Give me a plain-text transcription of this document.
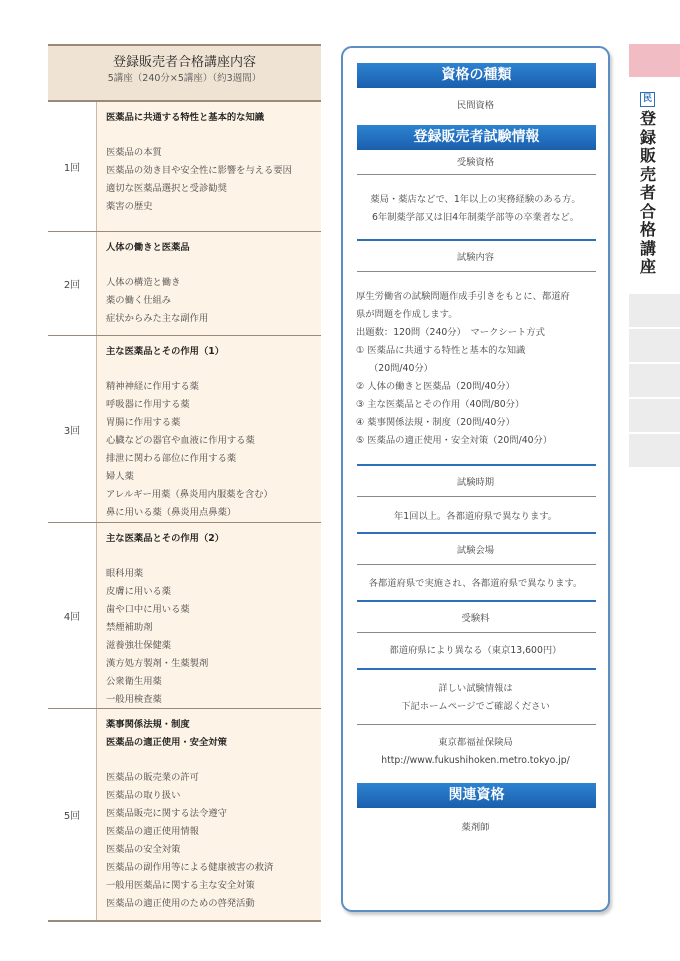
登録販売者合格講座内容
5講座（240分×5講座）（約3週間）
1回
医薬品に共通する特性と基本的な知識
医薬品の本質
医薬品の効き目や安全性に影響を与える要因
適切な医薬品選択と受診勧奨
薬害の歴史
2回
人体の働きと医薬品
人体の構造と働き
薬の働く仕組み
症状からみた主な副作用
3回
主な医薬品とその作用（1）
精神神経に作用する薬
呼吸器に作用する薬
胃腸に作用する薬
心臓などの器官や血液に作用する薬
排泄に関わる部位に作用する薬
婦人薬
アレルギー用薬（鼻炎用内服薬を含む）
鼻に用いる薬（鼻炎用点鼻薬）
4回
主な医薬品とその作用（2）
眼科用薬
皮膚に用いる薬
歯や口中に用いる薬
禁煙補助剤
滋養強壮保健薬
漢方処方製剤・生薬製剤
公衆衛生用薬
一般用検査薬
5回
薬事関係法規・制度
医薬品の適正使用・安全対策
医薬品の販売業の許可
医薬品の取り扱い
医薬品販売に関する法令遵守
医薬品の適正使用情報
医薬品の安全対策
医薬品の副作用等による健康被害の救済
一般用医薬品に関する主な安全対策
医薬品の適正使用のための啓発活動
資格の種類
民間資格
登録販売者試験情報
受験資格
薬局・薬店などで、1年以上の実務経験のある方。
6年制薬学部又は旧4年制薬学部等の卒業者など。
試験内容
厚生労働省の試験問題作成手引きをもとに、都道府
県が問題を作成します。
出題数：120問（240分）　マークシート方式
① 医薬品に共通する特性と基本的な知識
（20問/40分）
② 人体の働きと医薬品（20問/40分）
③ 主な医薬品とその作用（40問/80分）
④ 薬事関係法規・制度（20問/40分）
⑤ 医薬品の適正使用・安全対策（20問/40分）
試験時期
年1回以上。各都道府県で異なります。
試験会場
各都道府県で実施され、各都道府県で異なります。
受験料
都道府県により異なる（東京13,600円）
詳しい試験情報は
下記ホームページでご確認ください
東京都福祉保険局
http://www.fukushihoken.metro.tokyo.jp/
関連資格
薬剤師
民
登録販売者合格講座
